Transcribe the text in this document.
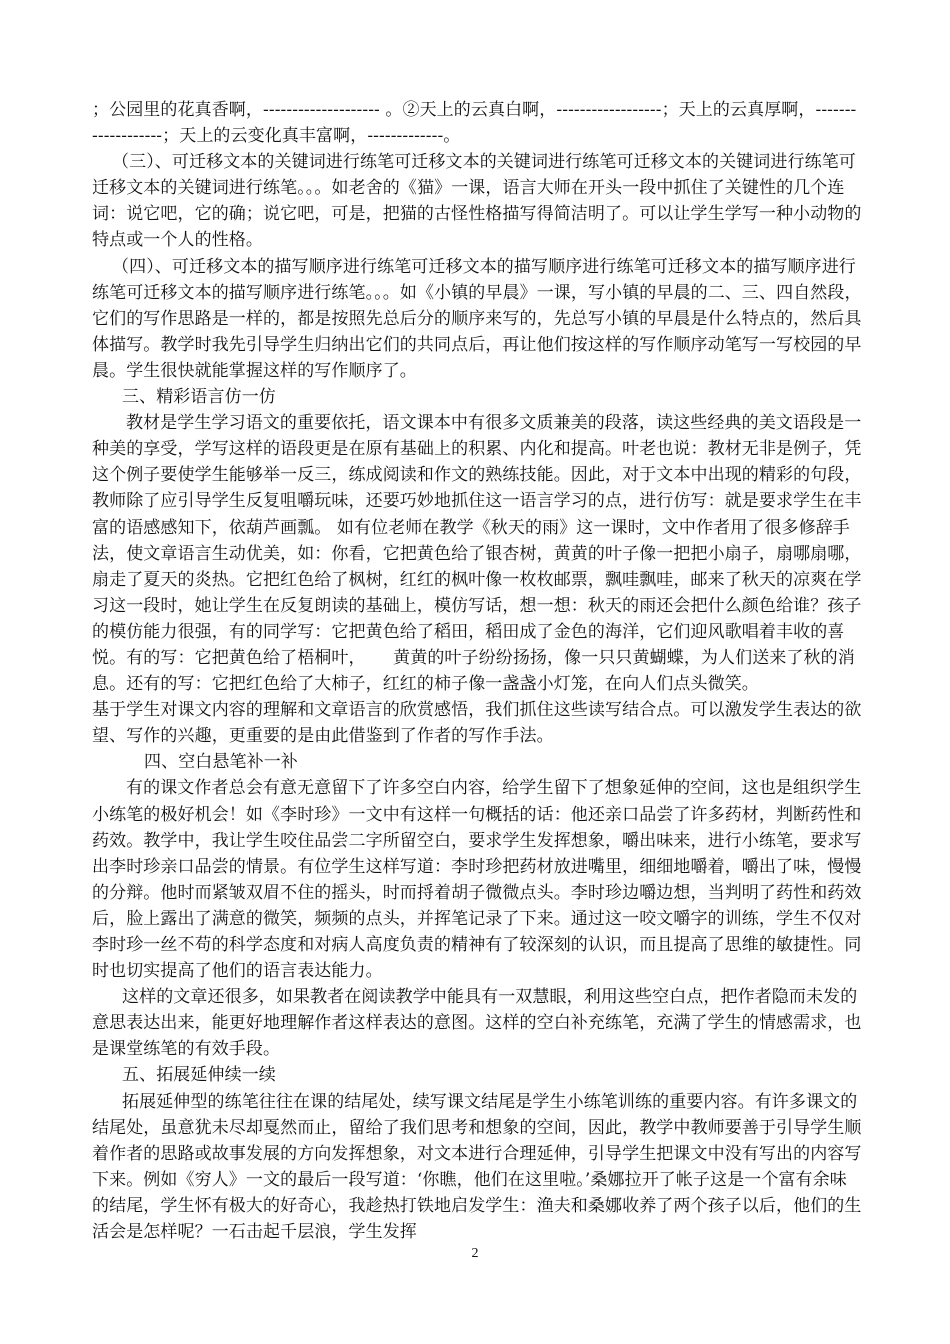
；公园里的花真香啊，-------------------- 。②天上的云真白啊，------------------；天上的云真厚啊，-------------------；天上的云变化真丰富啊，-------------。

（三）、可迁移文本的关键词进行练笔可迁移文本的关键词进行练笔可迁移文本的关键词进行练笔可迁移文本的关键词进行练笔。。。如老舍的《猫》一课，语言大师在开头一段中抓住了关键性的几个连词：说它吧，它的确；说它吧，可是，把猫的古怪性格描写得简洁明了。可以让学生学写一种小动物的特点或一个人的性格。

（四）、可迁移文本的描写顺序进行练笔可迁移文本的描写顺序进行练笔可迁移文本的描写顺序进行练笔可迁移文本的描写顺序进行练笔。。。如《小镇的早晨》一课，写小镇的早晨的二、三、四自然段，它们的写作思路是一样的，都是按照先总后分的顺序来写的，先总写小镇的早晨是什么特点的，然后具体描写。教学时我先引导学生归纳出它们的共同点后，再让他们按这样的写作顺序动笔写一写校园的早晨。学生很快就能掌握这样的写作顺序了。

三、精彩语言仿一仿

教材是学生学习语文的重要依托，语文课本中有很多文质兼美的段落，读这些经典的美文语段是一种美的享受，学写这样的语段更是在原有基础上的积累、内化和提高。叶老也说：教材无非是例子，凭这个例子要使学生能够举一反三，练成阅读和作文的熟练技能。因此，对于文本中出现的精彩的句段，教师除了应引导学生反复咀嚼玩味，还要巧妙地抓住这一语言学习的点，进行仿写：就是要求学生在丰富的语感感知下，依葫芦画瓢。 如有位老师在教学《秋天的雨》这一课时，文中作者用了很多修辞手法，使文章语言生动优美，如：你看，它把黄色给了银杏树，黄黄的叶子像一把把小扇子，扇哪扇哪，扇走了夏天的炎热。它把红色给了枫树，红红的枫叶像一枚枚邮票，飘哇飘哇，邮来了秋天的凉爽在学习这一段时，她让学生在反复朗读的基础上，模仿写话，想一想：秋天的雨还会把什么颜色给谁？孩子的模仿能力很强，有的同学写：它把黄色给了稻田，稻田成了金色的海洋，它们迎风歌唱着丰收的喜悦。有的写：它把黄色给了梧桐叶，     黄黄的叶子纷纷扬扬，像一只只黄蝴蝶，为人们送来了秋的消息。还有的写：它把红色给了大柿子，红红的柿子像一盏盏小灯笼，在向人们点头微笑。

基于学生对课文内容的理解和文章语言的欣赏感悟，我们抓住这些读写结合点。可以激发学生表达的欲望、写作的兴趣，更重要的是由此借鉴到了作者的写作手法。

四、空白悬笔补一补

有的课文作者总会有意无意留下了许多空白内容，给学生留下了想象延伸的空间，这也是组织学生小练笔的极好机会！如《李时珍》一文中有这样一句概括的话：他还亲口品尝了许多药材，判断药性和药效。教学中，我让学生咬住品尝二字所留空白，要求学生发挥想象，嚼出味来，进行小练笔，要求写出李时珍亲口品尝的情景。有位学生这样写道：李时珍把药材放进嘴里，细细地嚼着，嚼出了味，慢慢的分辩。他时而紧皱双眉不住的摇头，时而捋着胡子微微点头。李时珍边嚼边想，当判明了药性和药效后，脸上露出了满意的微笑，频频的点头，并挥笔记录了下来。通过这一咬文嚼字的训练，学生不仅对李时珍一丝不苟的科学态度和对病人高度负责的精神有了较深刻的认识，而且提高了思维的敏捷性。同时也切实提高了他们的语言表达能力。

这样的文章还很多，如果教者在阅读教学中能具有一双慧眼，利用这些空白点，把作者隐而未发的意思表达出来，能更好地理解作者这样表达的意图。这样的空白补充练笔，充满了学生的情感需求，也是课堂练笔的有效手段。

五、拓展延伸续一续

拓展延伸型的练笔往往在课的结尾处，续写课文结尾是学生小练笔训练的重要内容。有许多课文的结尾处，虽意犹未尽却戛然而止，留给了我们思考和想象的空间，因此，教学中教师要善于引导学生顺着作者的思路或故事发展的方向发挥想象，对文本进行合理延伸，引导学生把课文中没有写出的内容写下来。例如《穷人》一文的最后一段写道：‘你瞧，他们在这里啦。’桑娜拉开了帐子这是一个富有余味的结尾，学生怀有极大的好奇心，我趁热打铁地启发学生：渔夫和桑娜收养了两个孩子以后，他们的生活会是怎样呢？一石击起千层浪，学生发挥

2
